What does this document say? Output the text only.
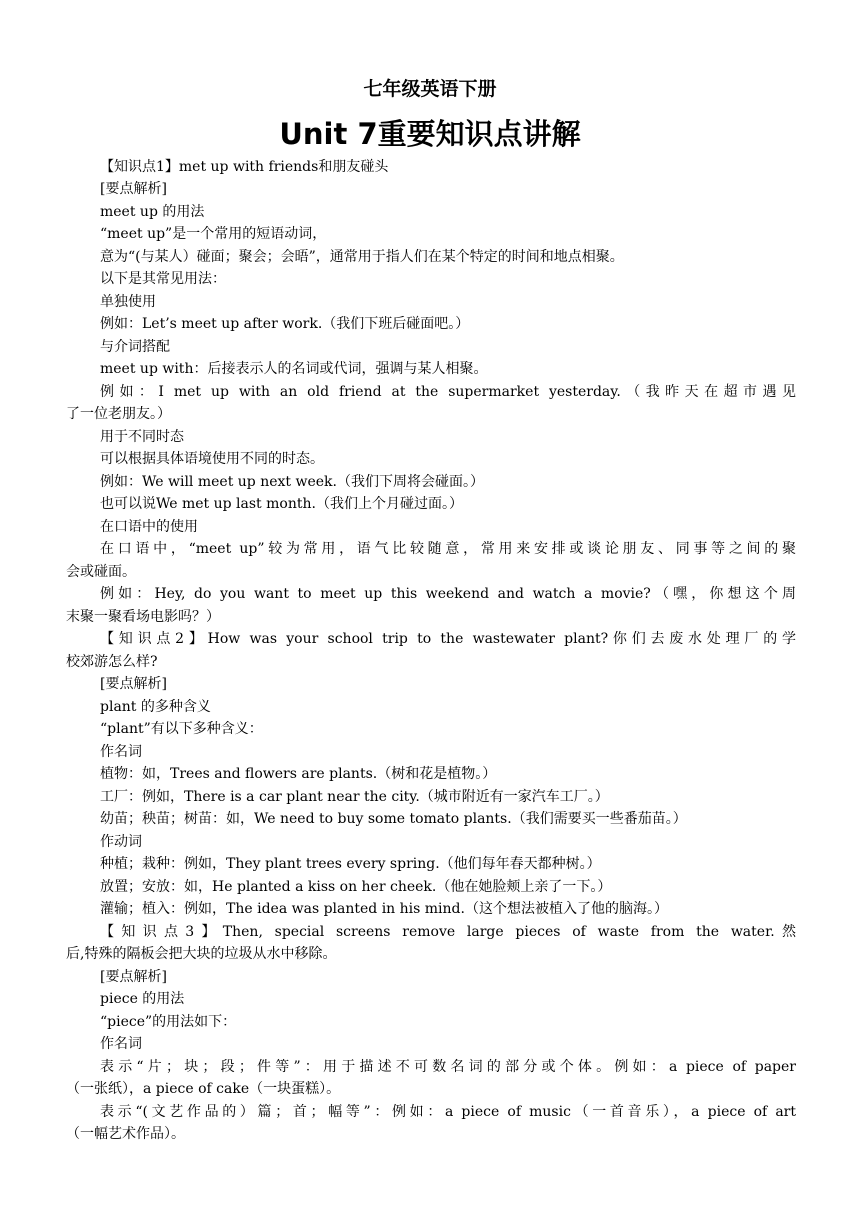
七年级英语下册
Unit 7重要知识点讲解

【知识点1】met up with friends和朋友碰头

[要点解析]

meet up 的用法

“meet up”是一个常用的短语动词，

意为“(与某人）碰面；聚会；会晤”，通常用于指人们在某个特定的时间和地点相聚。

以下是其常见用法：

单独使用

例如：Let’s meet up after work.（我们下班后碰面吧。）

与介词搭配

meet up with：后接表示人的名词或代词，强调与某人相聚。

例如：I met up with an old friend at the supermarket yesterday.（我昨天在超市遇见

了一位老朋友。）

用于不同时态

可以根据具体语境使用不同的时态。

例如：We will meet up next week.（我们下周将会碰面。）

也可以说We met up last month.（我们上个月碰过面。）

在口语中的使用

在口语中，“meet up”较为常用，语气比较随意，常用来安排或谈论朋友、同事等之间的聚

会或碰面。

例如：Hey, do you want to meet up this weekend and watch a movie?（嘿，你想这个周

末聚一聚看场电影吗？）

【知识点2】How was your school trip to the wastewater plant?你们去废水处理厂的学

校郊游怎么样?

[要点解析]

plant 的多种含义

“plant”有以下多种含义：

作名词

植物：如，Trees and flowers are plants.（树和花是植物。）

工厂：例如，There is a car plant near the city.（城市附近有一家汽车工厂。）

幼苗；秧苗；树苗：如，We need to buy some tomato plants.（我们需要买一些番茄苗。）

作动词

种植；栽种：例如，They plant trees every spring.（他们每年春天都种树。）

放置；安放：如，He planted a kiss on her cheek.（他在她脸颊上亲了一下。）

灌输；植入：例如，The idea was planted in his mind.（这个想法被植入了他的脑海。）

【知识点3】Then, special screens remove large pieces of waste from the water.然

后,特殊的隔板会把大块的垃圾从水中移除。

[要点解析]

piece 的用法

“piece”的用法如下：

作名词

表示“片；块；段；件等”：用于描述不可数名词的部分或个体。例如：a piece of paper

（一张纸），a piece of cake（一块蛋糕）。

表示“(文艺作品的）篇；首；幅等”：例如：a piece of music（一首音乐），a piece of art

（一幅艺术作品）。
